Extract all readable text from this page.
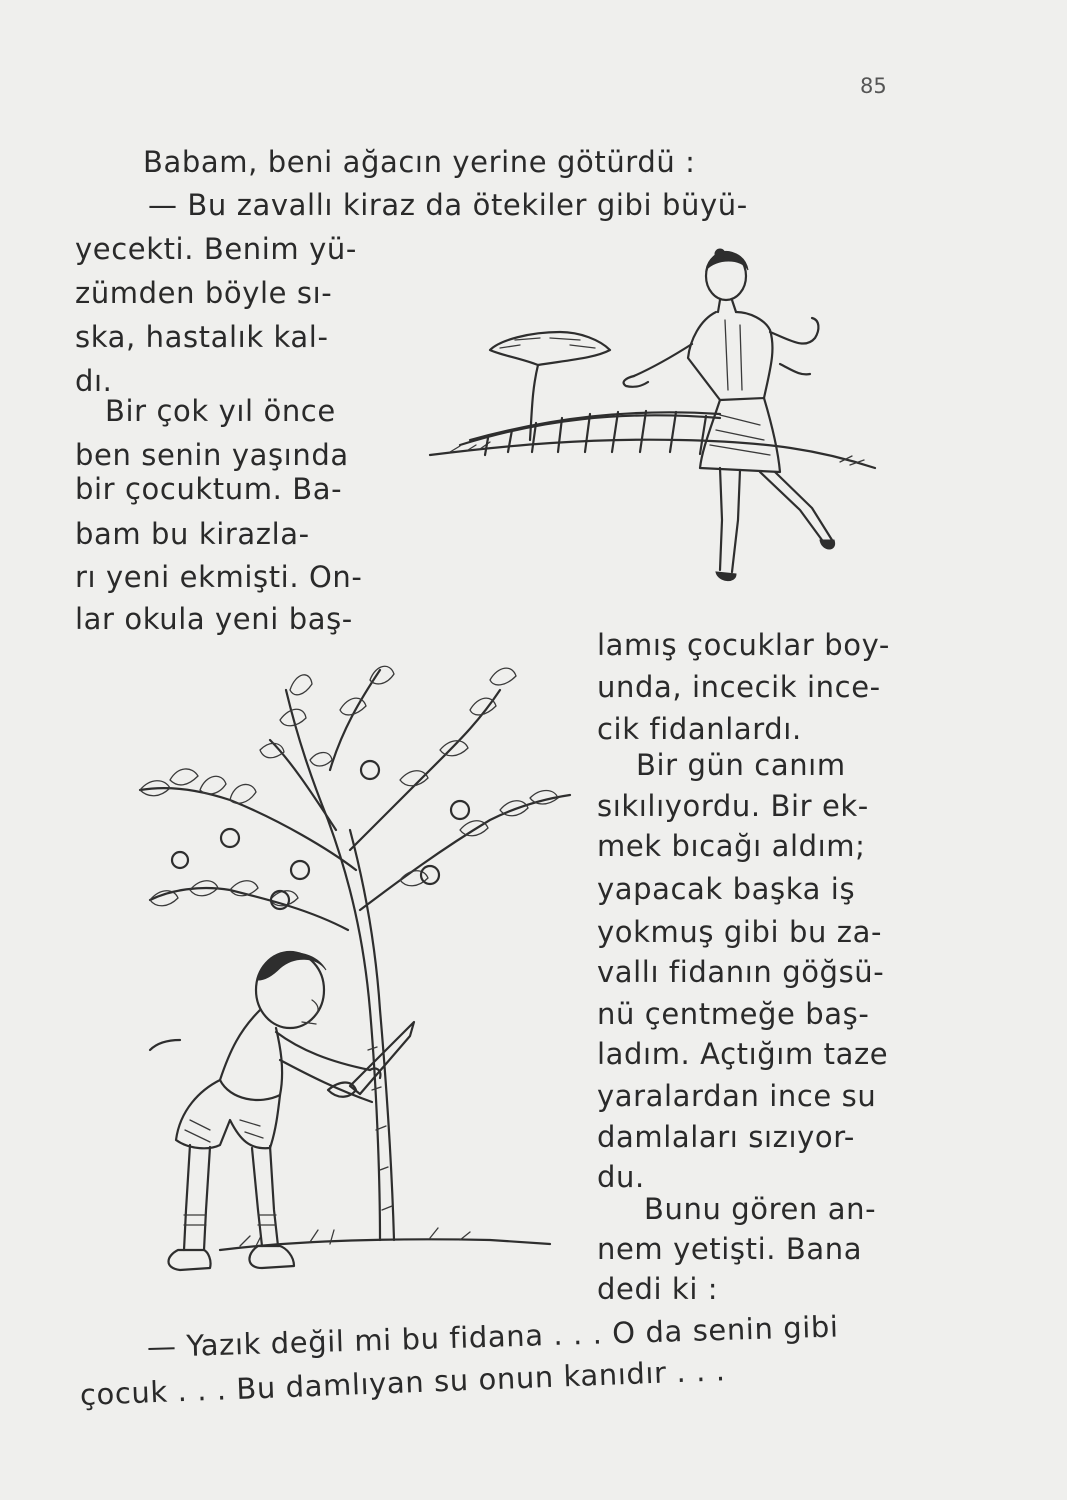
85
Babam, beni ağacın yerine götürdü :
— Bu zavallı kiraz da ötekiler gibi büyü-
yecekti. Benim yü-
zümden böyle sı-
ska, hastalık kal-
dı.
Bir çok yıl önce
ben senin yaşında
bir çocuktum. Ba-
bam bu kirazla-
rı yeni ekmişti. On-
lar okula yeni baş-
lamış çocuklar boy-
unda, incecik ince-
cik fidanlardı.
Bir gün canım
sıkılıyordu. Bir ek-
mek bıcağı aldım;
yapacak başka iş
yokmuş gibi bu za-
vallı fidanın göğsü-
nü çentmeğe baş-
ladım. Açtığım taze
yaralardan ince su
damlaları sızıyor-
du.
Bunu gören an-
nem yetişti. Bana
dedi ki :
— Yazık değil mi bu fidana . . . O da senin gibi
çocuk . . . Bu damlıyan su onun kanıdır . . .
